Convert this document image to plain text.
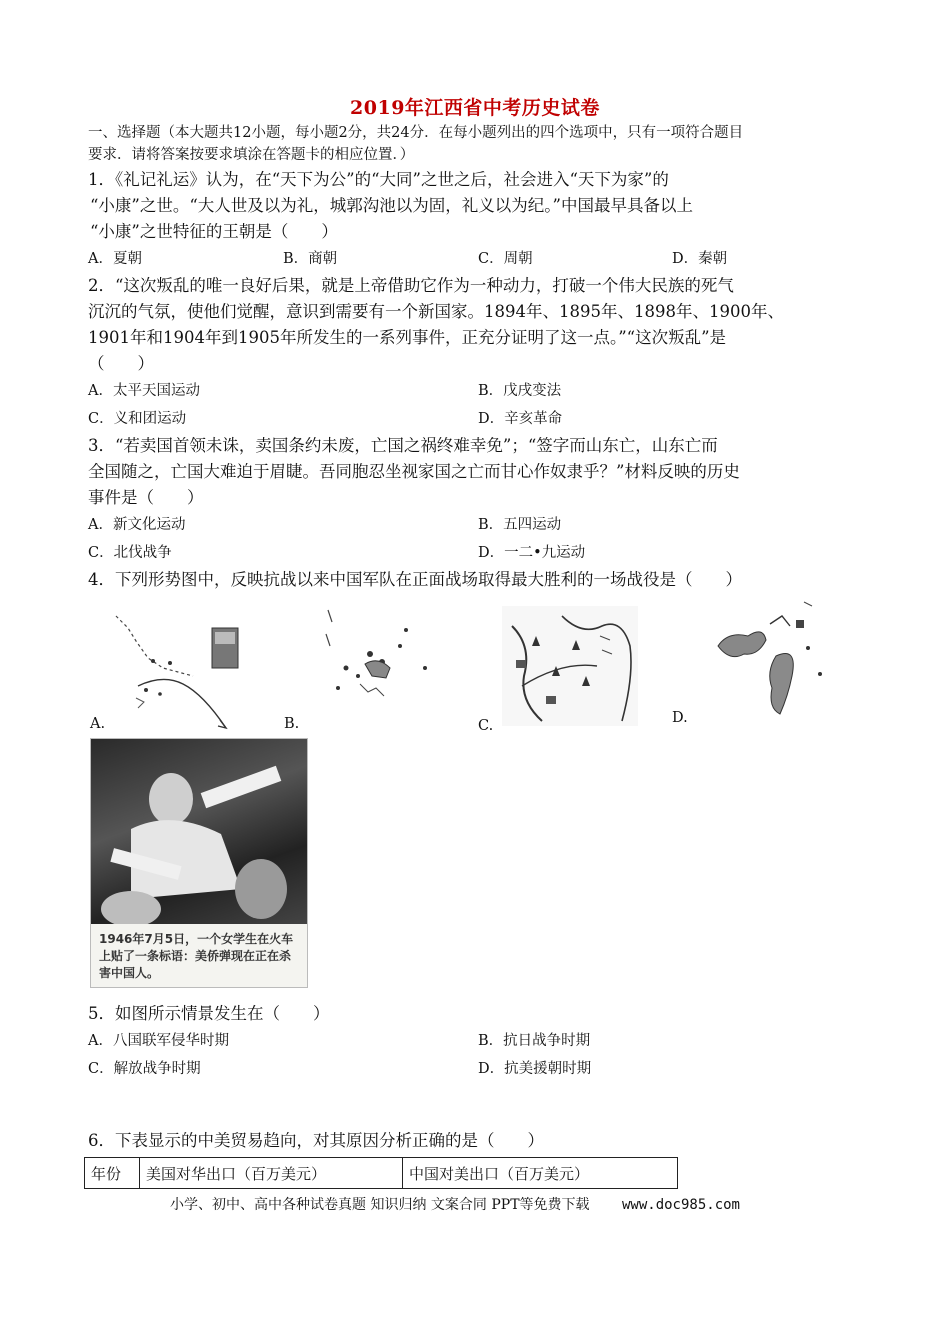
2019年江西省中考历史试卷
一、选择题（本大题共12小题，每小题2分，共24分．在每小题列出的四个选项中，只有一项符合题目
要求．请将答案按要求填涂在答题卡的相应位置．）
1．《礼记礼运》认为，在“天下为公”的“大同”之世之后，社会进入“天下为家”的
“小康”之世。“大人世及以为礼，城郭沟池以为固，礼义以为纪。”中国最早具备以上
“小康”之世特征的王朝是（　　）
A．夏朝	B．商朝	C．周朝	D．秦朝
2．“这次叛乱的唯一良好后果，就是上帝借助它作为一种动力，打破一个伟大民族的死气
沉沉的气氛，使他们觉醒，意识到需要有一个新国家。1894年、1895年、1898年、1900年、
1901年和1904年到1905年所发生的一系列事件，正充分证明了这一点。”“这次叛乱”是
（　　）
A．太平天国运动	B．戊戌变法
C．义和团运动	D．辛亥革命
3．“若卖国首领未诛，卖国条约未废，亡国之祸终难幸免”；“签字而山东亡，山东亡而
全国随之，亡国大难迫于眉睫。吾同胞忍坐视家国之亡而甘心作奴隶乎？”材料反映的历史
事件是（　　）
A．新文化运动	B．五四运动
C．北伐战争	D．一二•九运动
4．下列形势图中，反映抗战以来中国军队在正面战场取得最大胜利的一场战役是（　　）
A.	B.	C.	D.
1946年7月5日，一个女学生在火车上贴了一条标语：美侨弹现在正在杀害中国人。
5．如图所示情景发生在（　　）
A．八国联军侵华时期	B．抗日战争时期
C．解放战争时期	D．抗美援朝时期
6．下表显示的中美贸易趋向，对其原因分析正确的是（　　）
年份	美国对华出口（百万美元）	中国对美出口（百万美元）
小学、初中、高中各种试卷真题 知识归纳 文案合同 PPT等免费下载 www.doc985.com
